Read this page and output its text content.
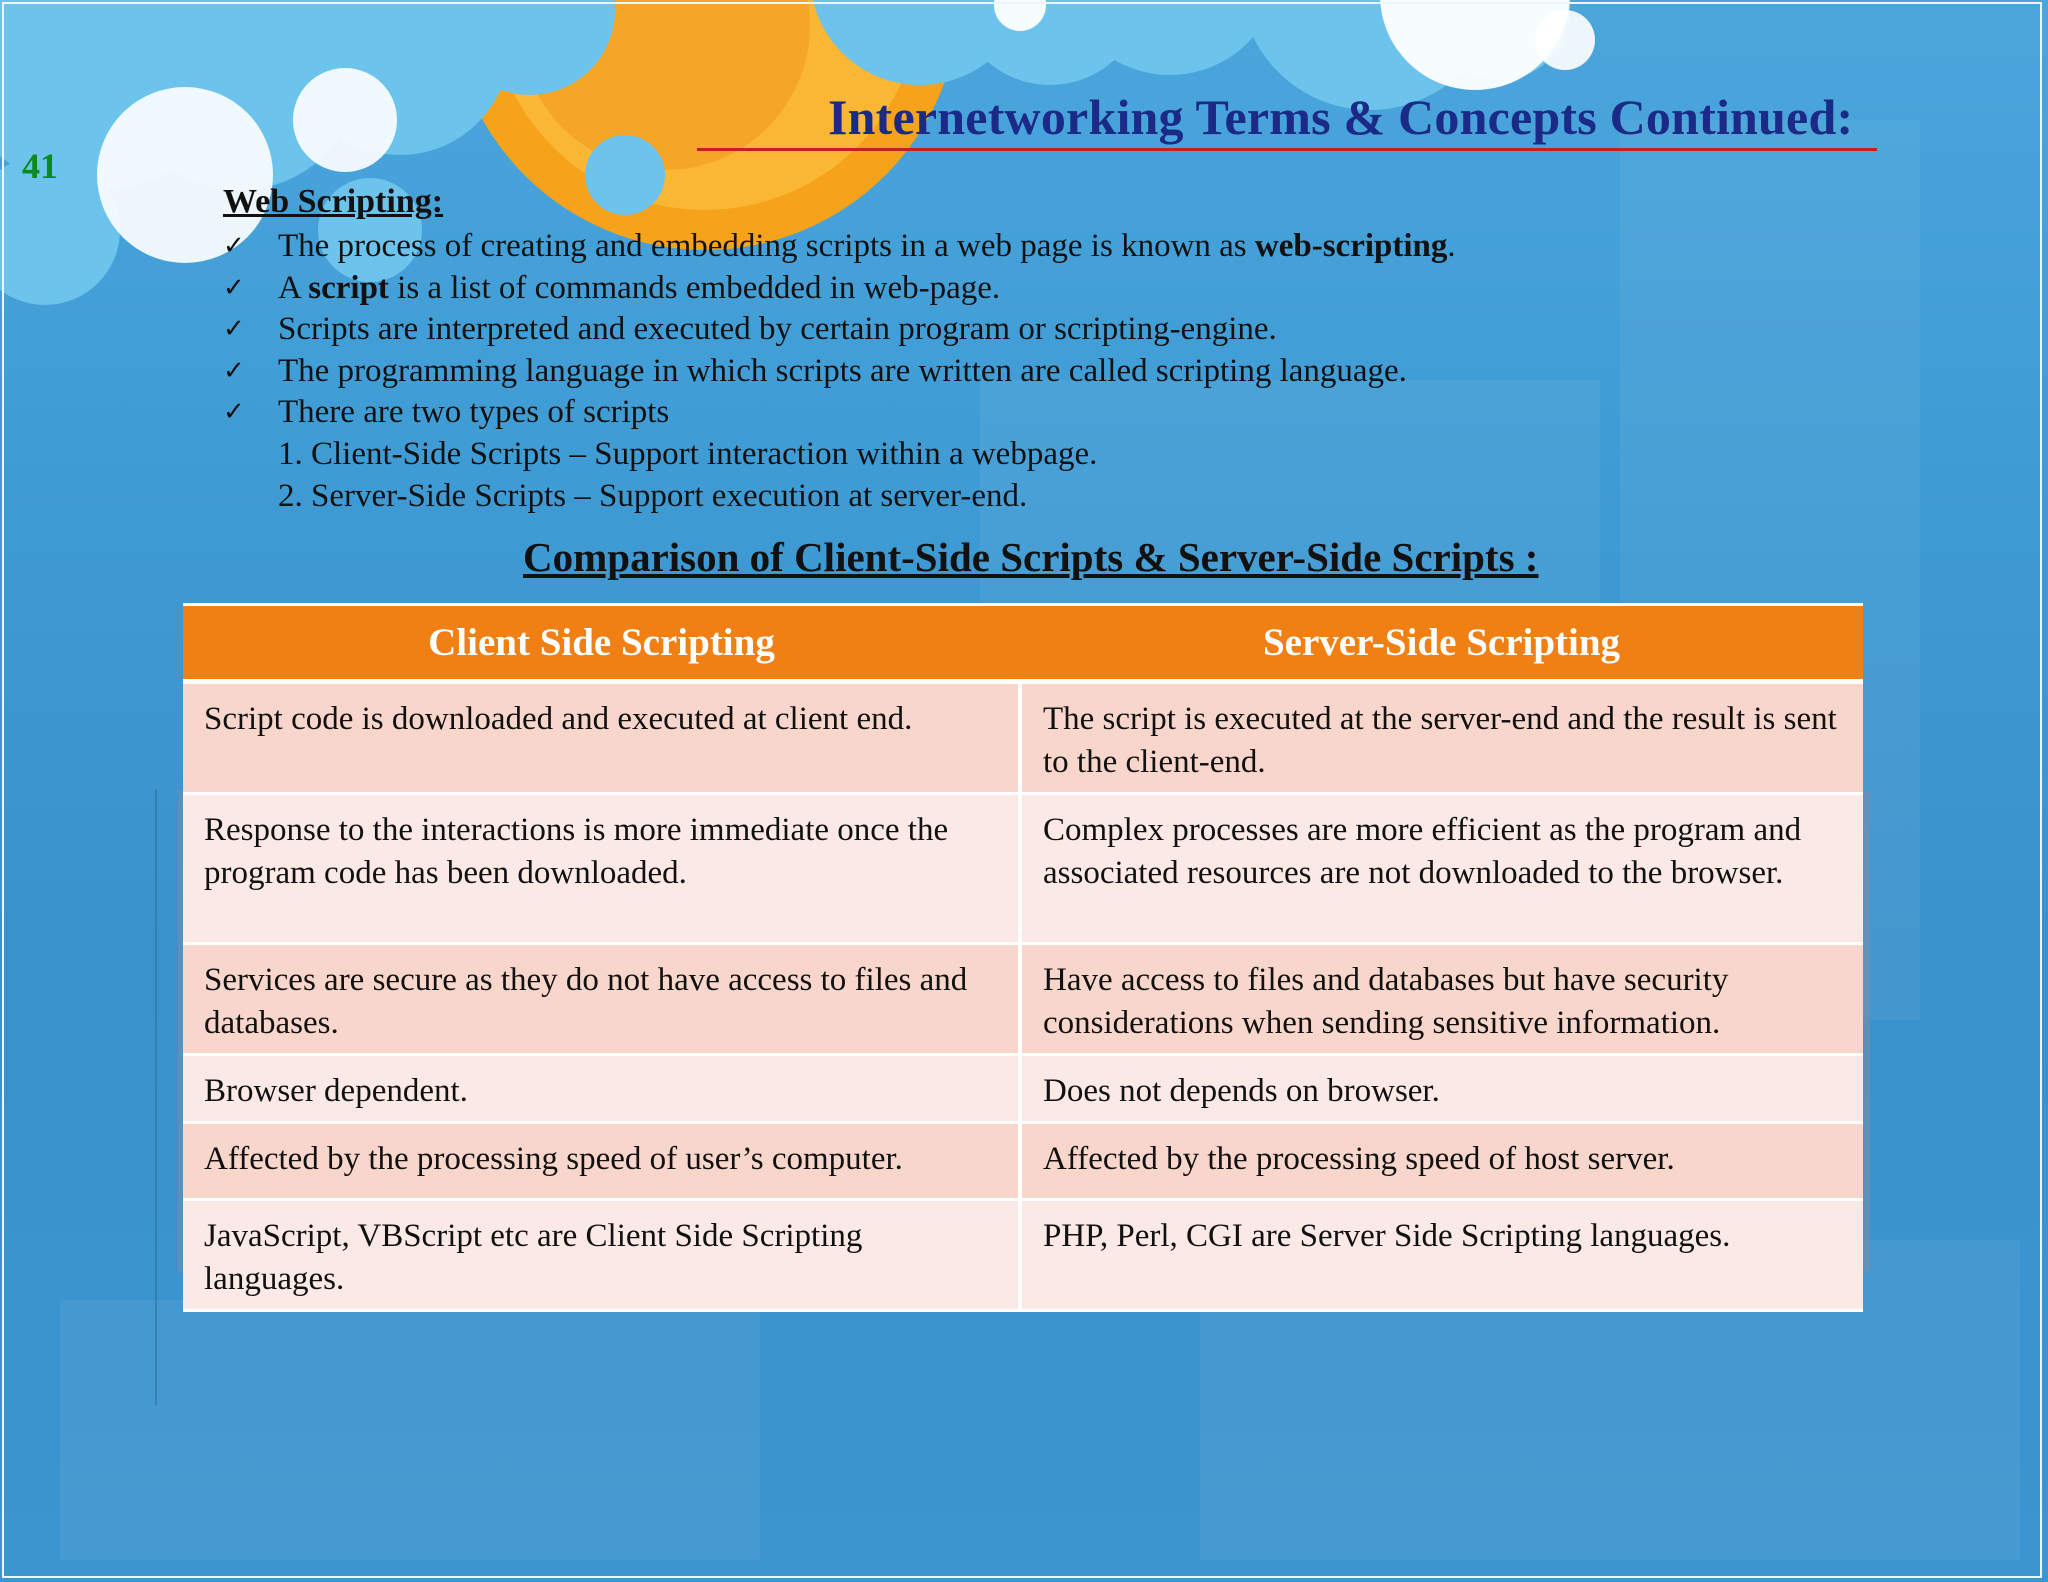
41
Internetworking Terms & Concepts Continued:
Web Scripting:
✓ The process of creating and embedding scripts in a web page is known as web-scripting.
✓ A script is a list of commands embedded in web-page.
✓ Scripts are interpreted and executed by certain program or scripting-engine.
✓ The programming language in which scripts are written are called scripting language.
✓ There are two types of scripts
1. Client-Side Scripts – Support interaction within a webpage.
2. Server-Side Scripts – Support execution at server-end.
Comparison of Client-Side Scripts & Server-Side Scripts :
Client Side Scripting	Server-Side Scripting
Script code is downloaded and executed at client end.	The script is executed at the server-end and the result is sent to the client-end.
Response to the interactions is more immediate once the program code has been downloaded.	Complex processes are more efficient as the program and associated resources are not downloaded to the browser.
Services are secure as they do not have access to files and databases.	Have access to files and databases but have security considerations when sending sensitive information.
Browser dependent.	Does not depends on browser.
Affected by the processing speed of user’s computer.	Affected by the processing speed of host server.
JavaScript, VBScript etc are Client Side Scripting languages.	PHP, Perl, CGI are Server Side Scripting languages.
